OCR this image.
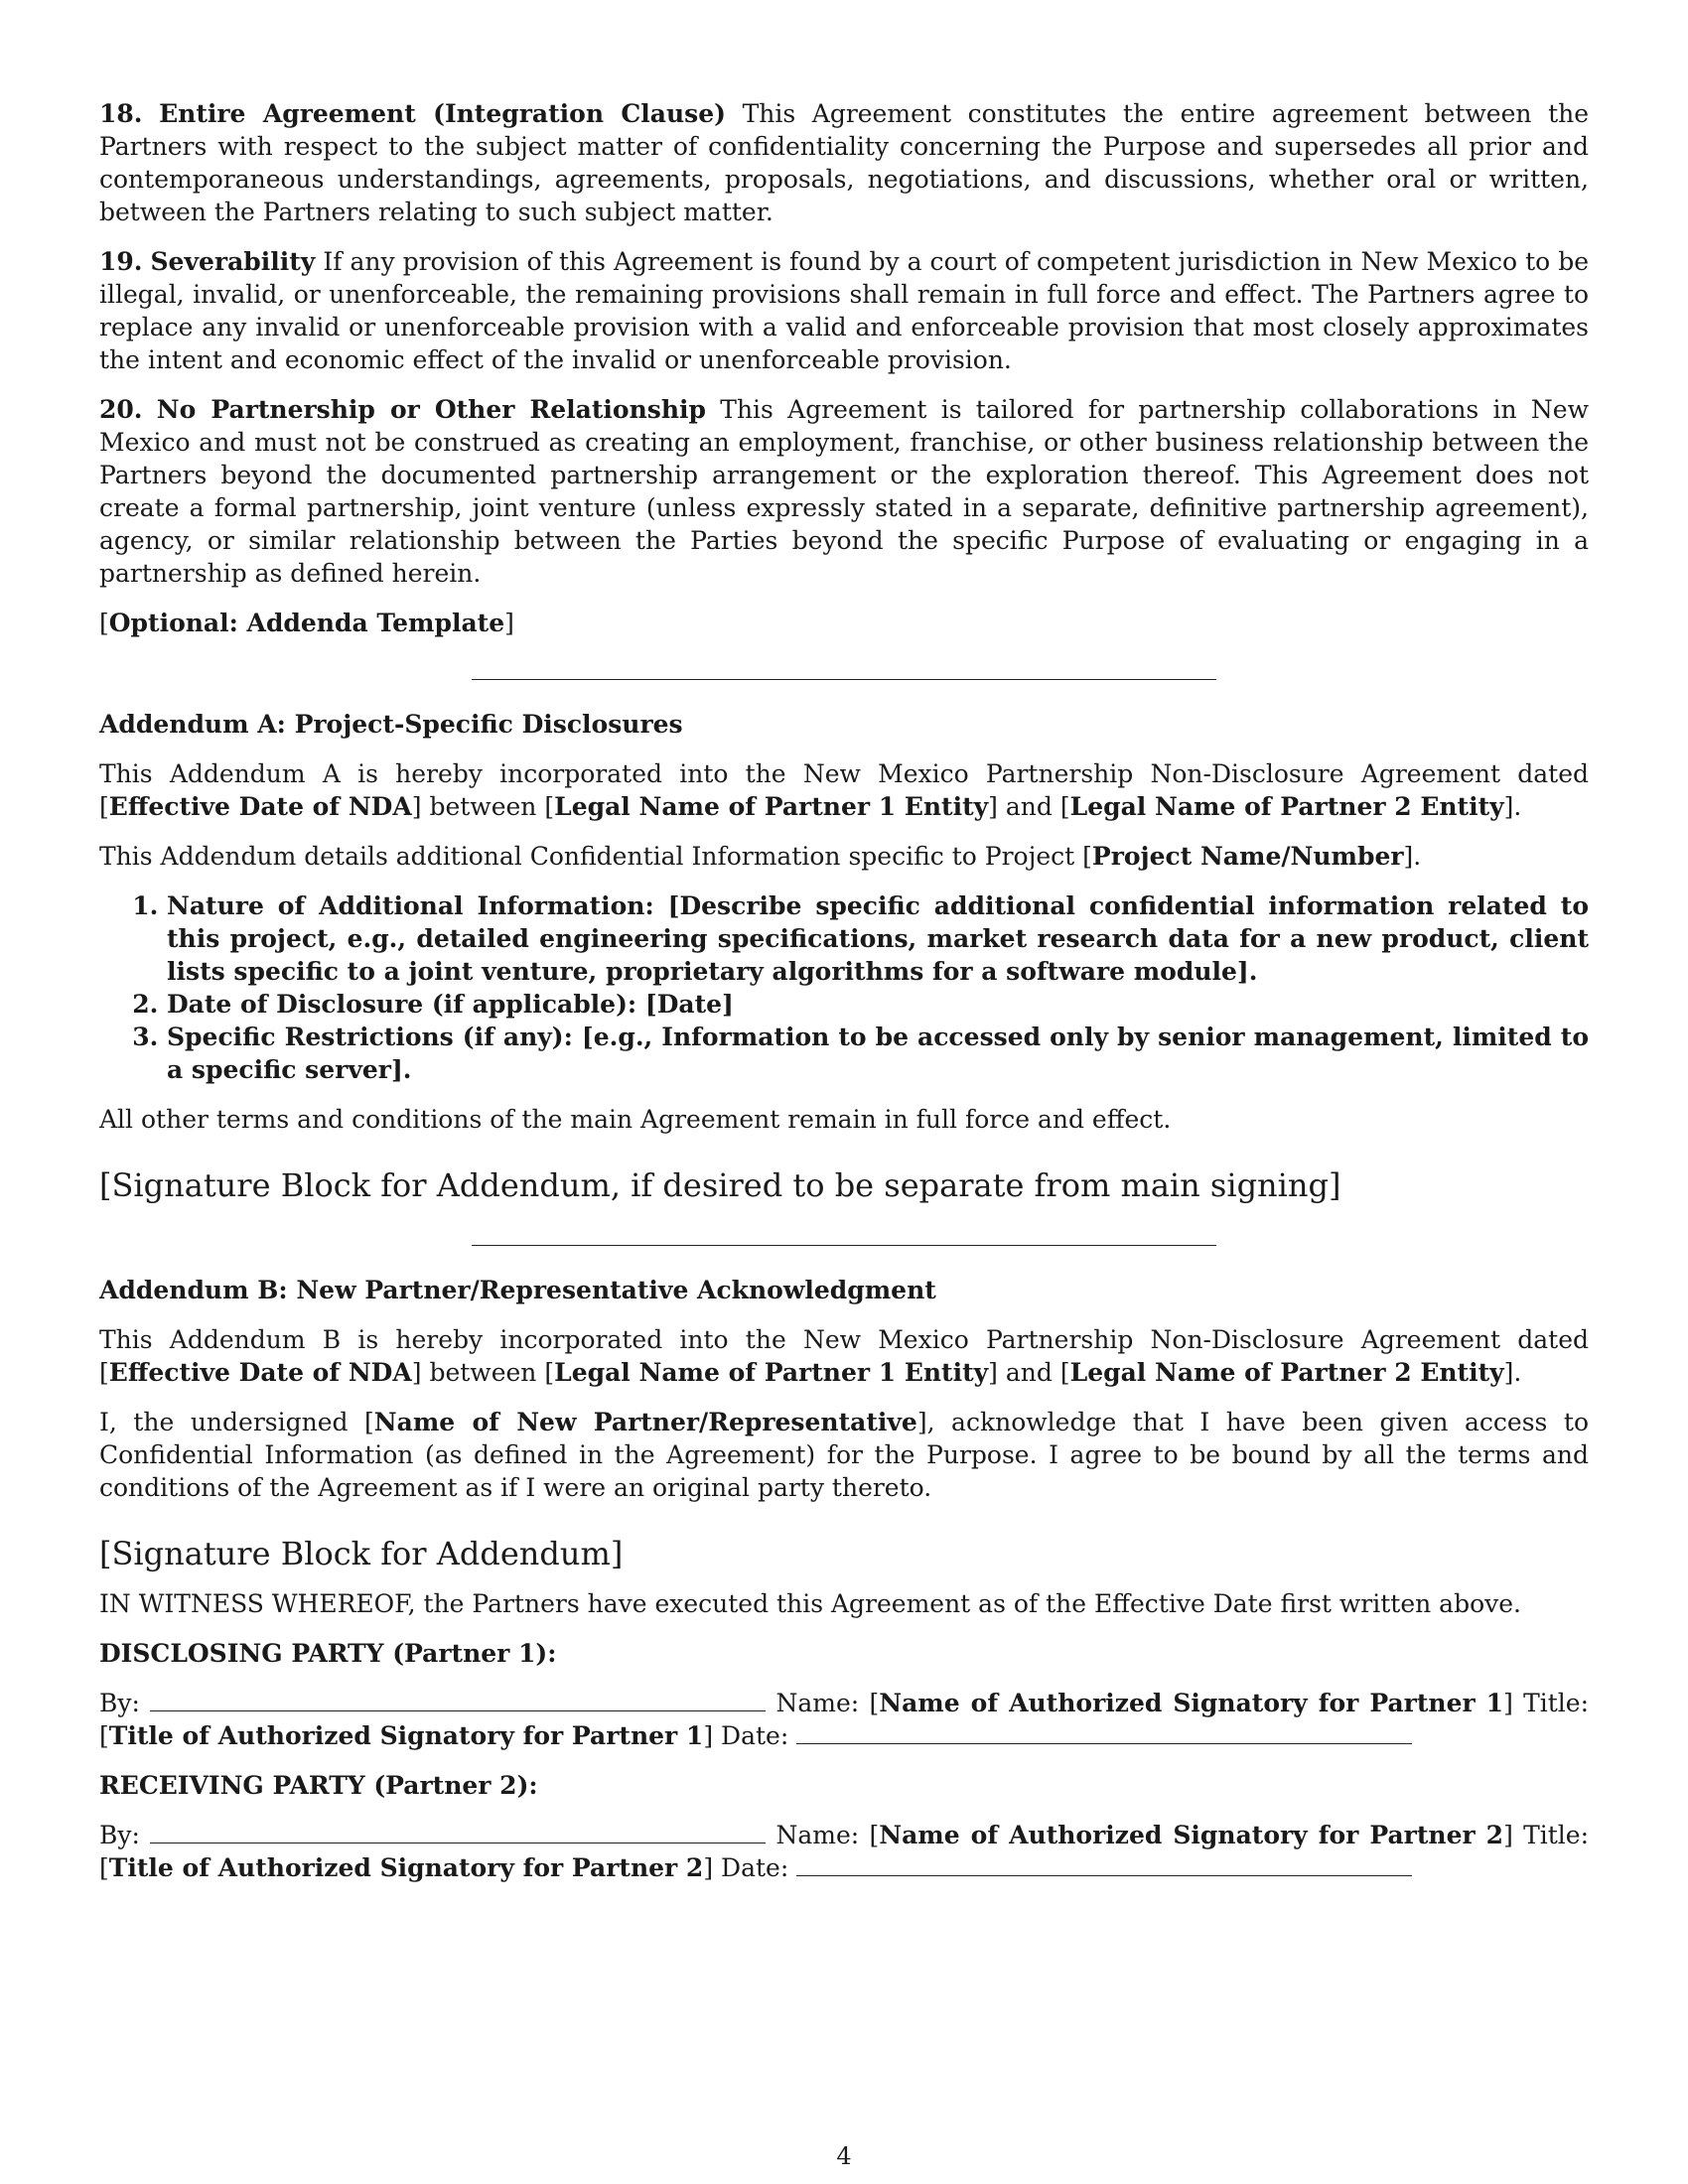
18. Entire Agreement (Integration Clause) This Agreement constitutes the entire agreement between the Partners with respect to the subject matter of confidentiality concerning the Purpose and supersedes all prior and contemporaneous understandings, agreements, proposals, negotiations, and discussions, whether oral or written, between the Partners relating to such subject matter.

19. Severability If any provision of this Agreement is found by a court of competent jurisdiction in New Mexico to be illegal, invalid, or unenforceable, the remaining provisions shall remain in full force and effect. The Partners agree to replace any invalid or unenforceable provision with a valid and enforceable provision that most closely approximates the intent and economic effect of the invalid or unenforceable provision.

20. No Partnership or Other Relationship This Agreement is tailored for partnership collaborations in New Mexico and must not be construed as creating an employment, franchise, or other business relationship between the Partners beyond the documented partnership arrangement or the exploration thereof. This Agreement does not create a formal partnership, joint venture (unless expressly stated in a separate, definitive partnership agreement), agency, or similar relationship between the Parties beyond the specific Purpose of evaluating or engaging in a partnership as defined herein.

[Optional: Addenda Template]

Addendum A: Project-Specific Disclosures

This Addendum A is hereby incorporated into the New Mexico Partnership Non-Disclosure Agreement dated [Effective Date of NDA] between [Legal Name of Partner 1 Entity] and [Legal Name of Partner 2 Entity].

This Addendum details additional Confidential Information specific to Project [Project Name/Number].

1. Nature of Additional Information: [Describe specific additional confidential information related to this project, e.g., detailed engineering specifications, market research data for a new product, client lists specific to a joint venture, proprietary algorithms for a software module].
2. Date of Disclosure (if applicable): [Date]
3. Specific Restrictions (if any): [e.g., Information to be accessed only by senior management, limited to a specific server].

All other terms and conditions of the main Agreement remain in full force and effect.

[Signature Block for Addendum, if desired to be separate from main signing]
Addendum B: New Partner/Representative Acknowledgment

This Addendum B is hereby incorporated into the New Mexico Partnership Non-Disclosure Agreement dated [Effective Date of NDA] between [Legal Name of Partner 1 Entity] and [Legal Name of Partner 2 Entity].

I, the undersigned [Name of New Partner/Representative], acknowledge that I have been given access to Confidential Information (as defined in the Agreement) for the Purpose. I agree to be bound by all the terms and conditions of the Agreement as if I were an original party thereto.

[Signature Block for Addendum]

IN WITNESS WHEREOF, the Partners have executed this Agreement as of the Effective Date first written above.

DISCLOSING PARTY (Partner 1):

By:	Name: [Name of Authorized Signatory for Partner 1] Title: [Title of Authorized Signatory for Partner 1] Date:

RECEIVING PARTY (Partner 2):

By:	Name: [Name of Authorized Signatory for Partner 2] Title: [Title of Authorized Signatory for Partner 2] Date:

4
